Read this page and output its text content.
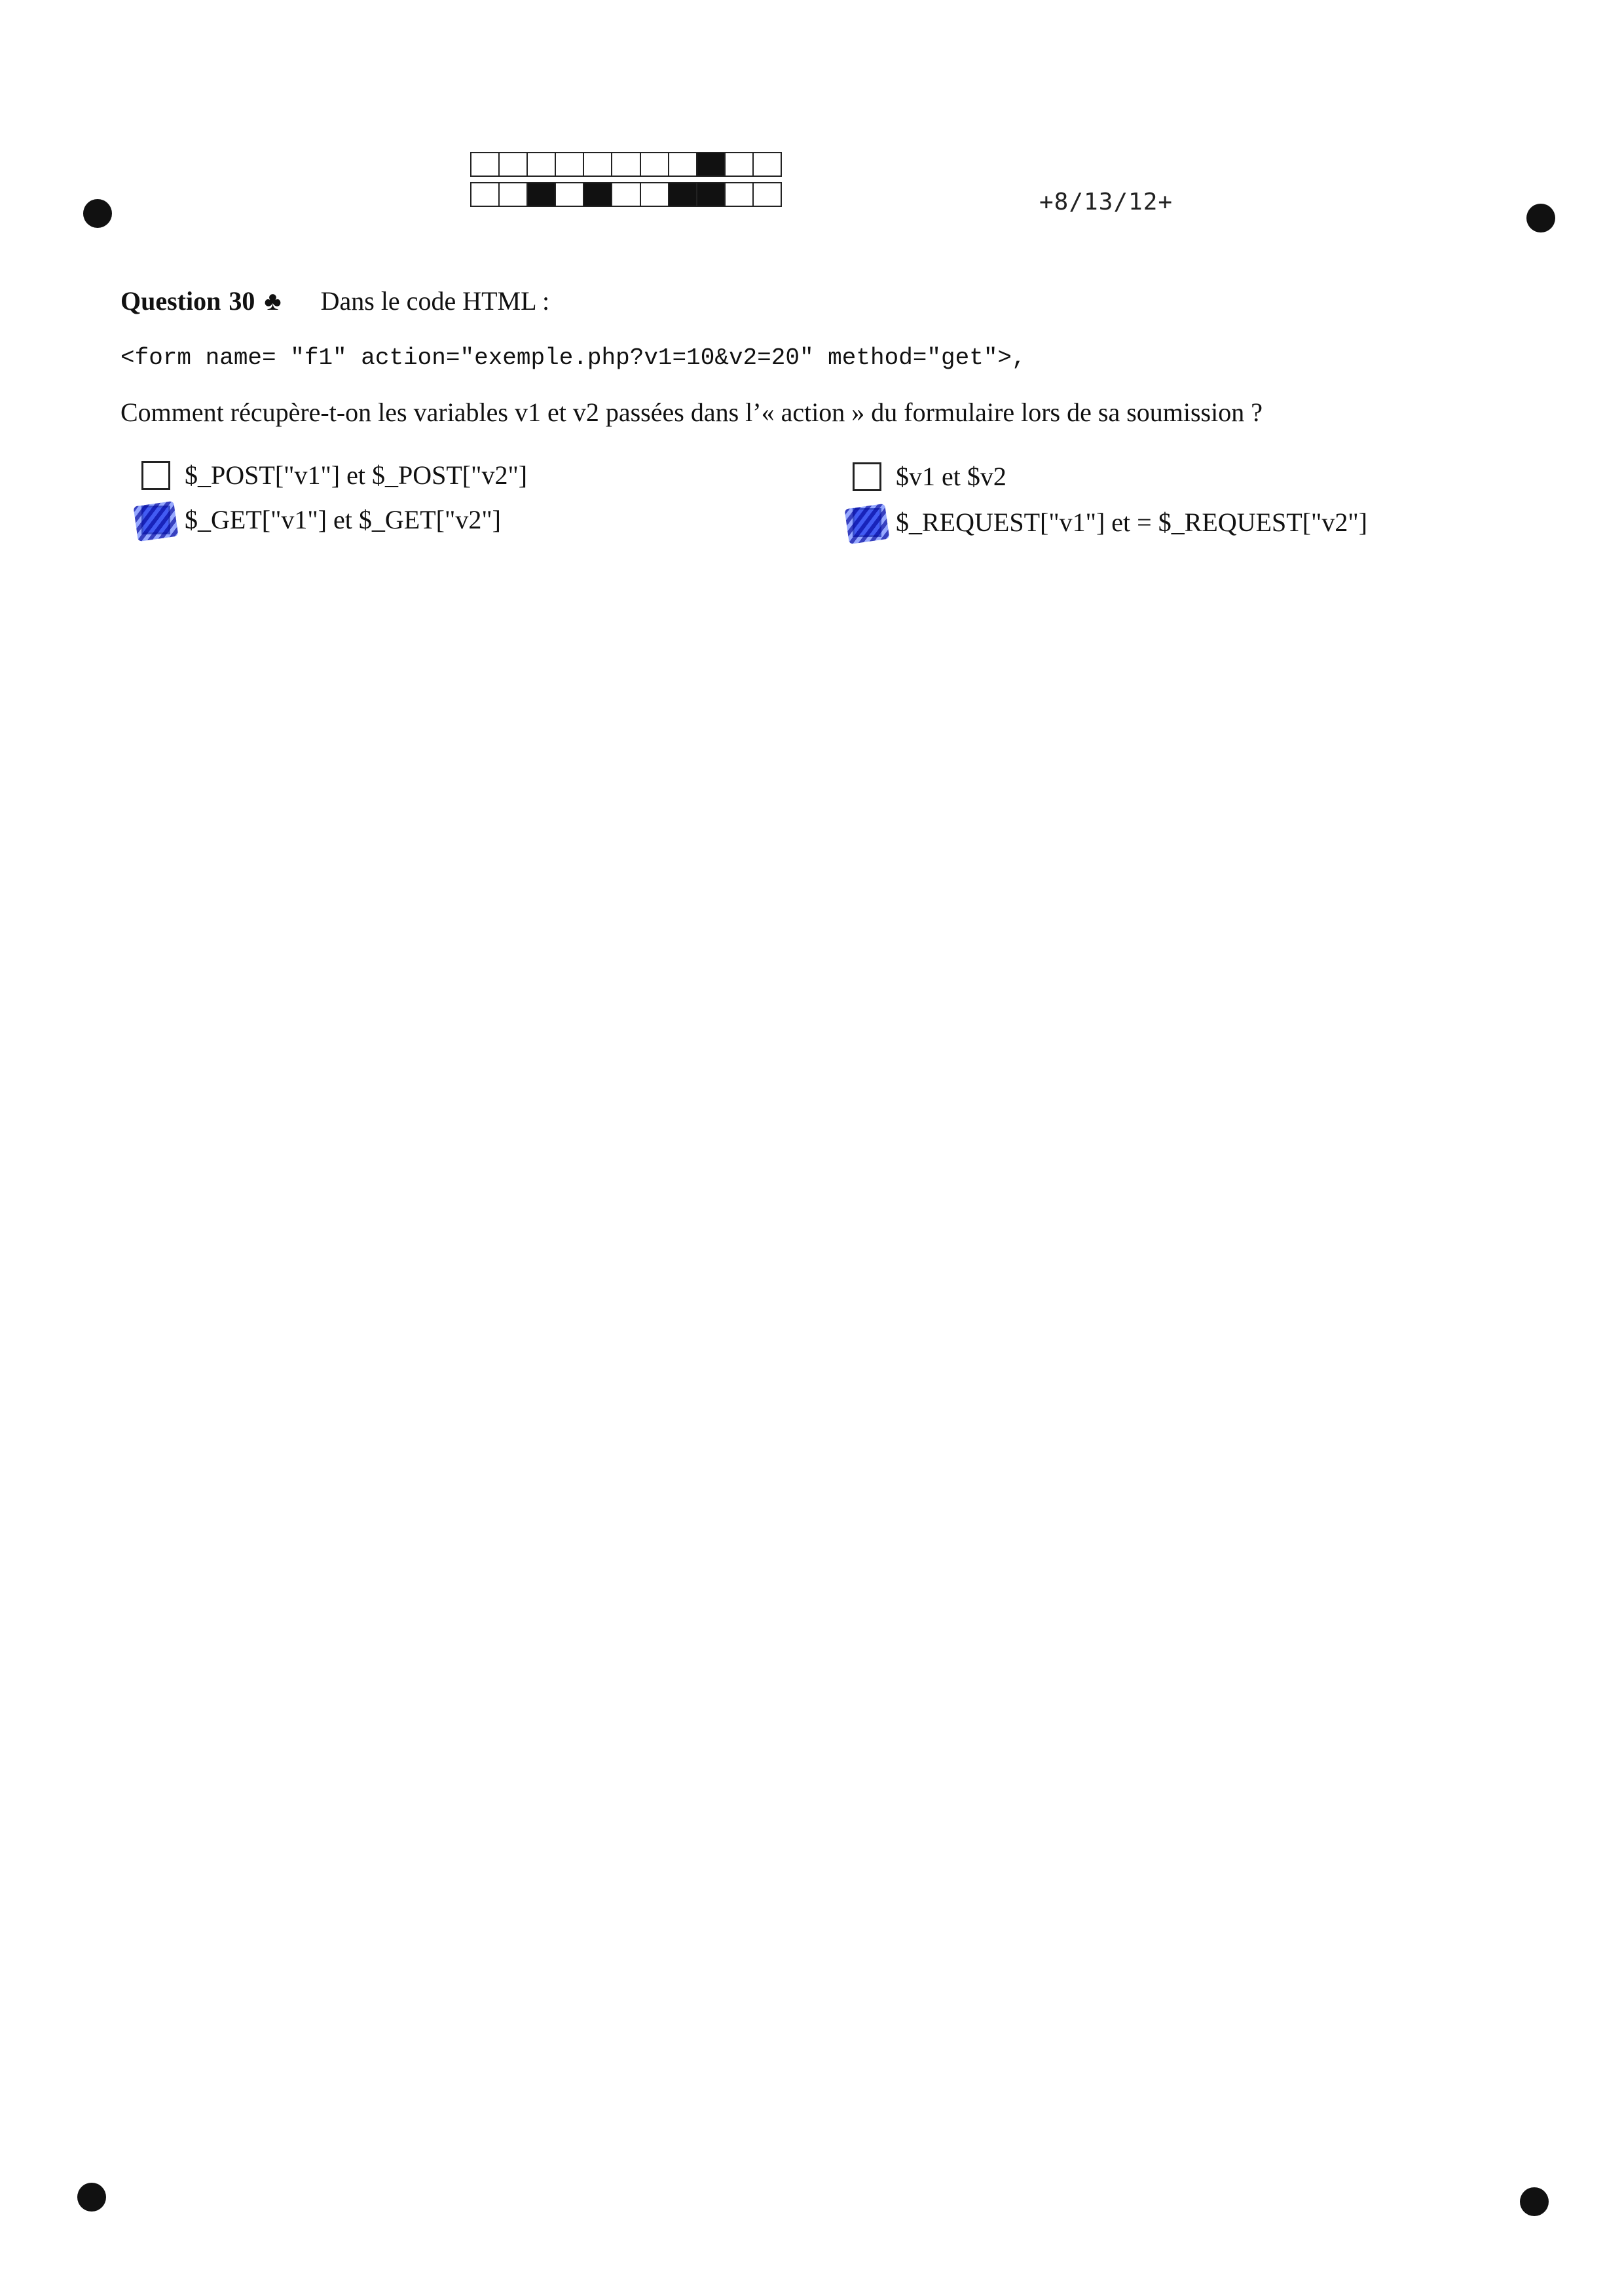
+8/13/12+
Question 30 ♣ Dans le code HTML :
<form name= "f1" action="exemple.php?v1=10&v2=20" method="get">,
Comment récupère-t-on les variables v1 et v2 passées dans l’« action » du formulaire lors de sa soumission ?
$_POST["v1"] et $_POST["v2"]
$_GET["v1"] et $_GET["v2"]
$v1 et $v2
$_REQUEST["v1"] et = $_REQUEST["v2"]
